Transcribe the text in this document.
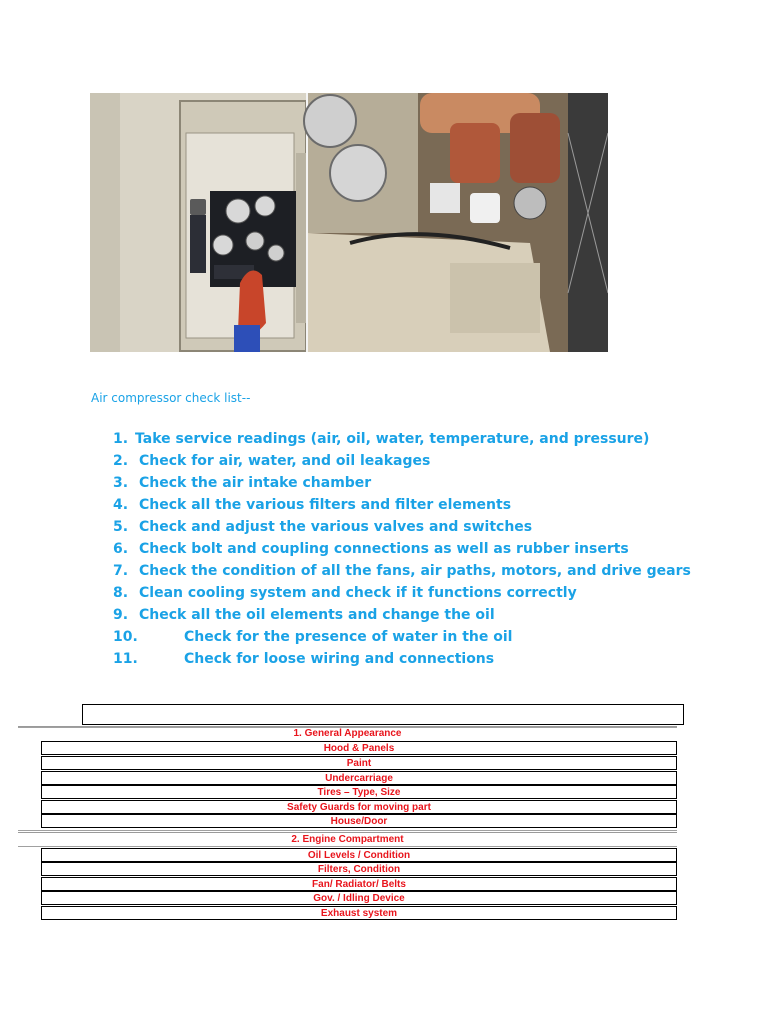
Air compressor check list--
1. Take service readings (air, oil, water, temperature, and pressure)
2. Check for air, water, and oil leakages
3. Check the air intake chamber
4. Check all the various filters and filter elements
5. Check and adjust the various valves and switches
6. Check bolt and coupling connections as well as rubber inserts
7. Check the condition of all the fans, air paths, motors, and drive gears
8. Clean cooling system and check if it functions correctly
9. Check all the oil elements and change the oil
10.	Check for the presence of water in the oil
11.	Check for loose wiring and connections
1. General Appearance
Hood & Panels
Paint
Undercarriage
Tires – Type, Size
Safety Guards for moving part
House/Door
2. Engine Compartment
Oil Levels / Condition
Filters, Condition
Fan/ Radiator/ Belts
Gov. / Idling Device
Exhaust system
